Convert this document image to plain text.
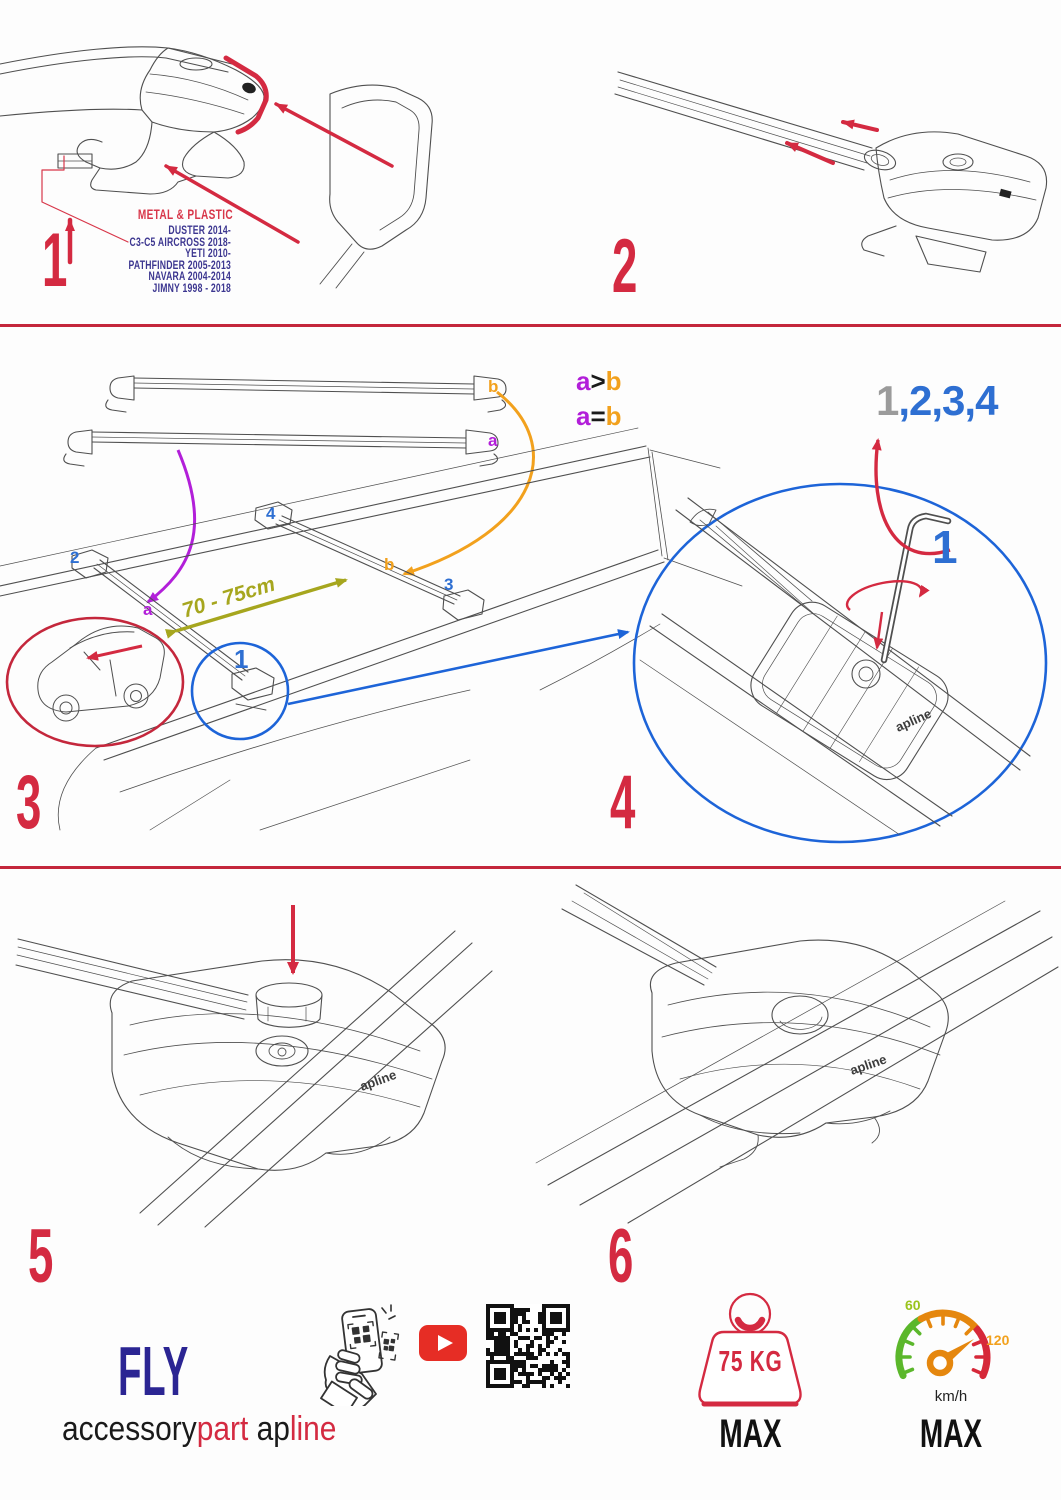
METAL & PLASTIC
DUSTER 2014-
C3-C5 AIRCROSS 2018-
YETI 2010-
PATHFINDER 2005-2013
NAVARA 2004-2014
JIMNY 1998 - 2018
1	2
apline
a>b
a=b	1,2,3,4
b
a
2
4
b
3
a
1
70 - 75cm
1
3	4
apline
apline
5	6
FLY
accessorypart apline
75 KG
MAX
60
120
km/h
MAX
